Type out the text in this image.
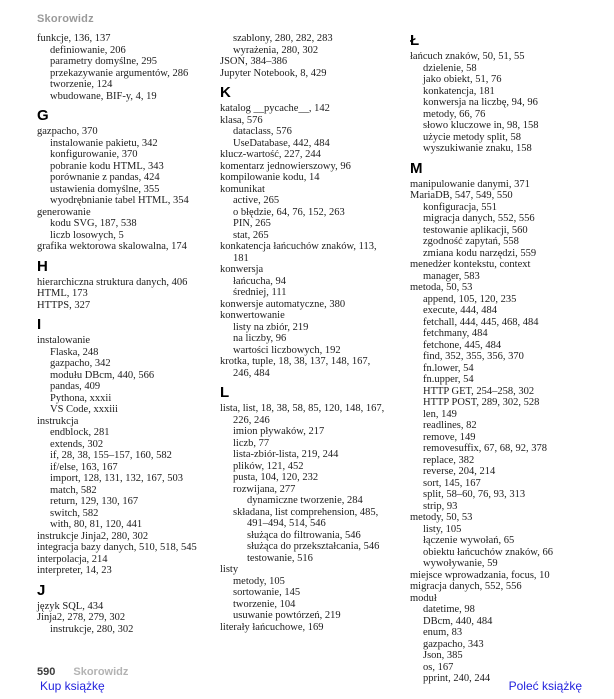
Skorowidz
funkcje, 136, 137
definiowanie, 206
parametry domyślne, 295
przekazywanie argumentów, 286
tworzenie, 124
wbudowane, BIF-y, 4, 19
G
gazpacho, 370
instalowanie pakietu, 342
konfigurowanie, 370
pobranie kodu HTML, 343
porównanie z pandas, 424
ustawienia domyślne, 355
wyodrębnianie tabel HTML, 354
generowanie
kodu SVG, 187, 538
liczb losowych, 5
grafika wektorowa skalowalna, 174
H
hierarchiczna struktura danych, 406
HTML, 173
HTTPS, 327
I
instalowanie
Flaska, 248
gazpacho, 342
modułu DBcm, 440, 566
pandas, 409
Pythona, xxxii
VS Code, xxxiii
instrukcja
endblock, 281
extends, 302
if, 28, 38, 155–157, 160, 582
if/else, 163, 167
import, 128, 131, 132, 167, 503
match, 582
return, 129, 130, 167
switch, 582
with, 80, 81, 120, 441
instrukcje Jinja2, 280, 302
integracja bazy danych, 510, 518, 545
interpolacja, 214
interpreter, 14, 23
J
język SQL, 434
Jinja2, 278, 279, 302
instrukcje, 280, 302
szablony, 280, 282, 283
wyrażenia, 280, 302
JSON, 384–386
Jupyter Notebook, 8, 429
K
katalog __pycache__, 142
klasa, 576
dataclass, 576
UseDatabase, 442, 484
klucz-wartość, 227, 244
komentarz jednowierszowy, 96
kompilowanie kodu, 14
komunikat
active, 265
o błędzie, 64, 76, 152, 263
PIN, 265
stat, 265
konkatencja łańcuchów znaków, 113,
181
konwersja
łańcucha, 94
średniej, 111
konwersje automatyczne, 380
konwertowanie
listy na zbiór, 219
na liczby, 96
wartości liczbowych, 192
krotka, tuple, 18, 38, 137, 148, 167,
246, 484
L
lista, list, 18, 38, 58, 85, 120, 148, 167,
226, 246
imion pływaków, 217
liczb, 77
lista-zbiór-lista, 219, 244
plików, 121, 452
pusta, 104, 120, 232
rozwijana, 277
dynamiczne tworzenie, 284
składana, list comprehension, 485,
491–494, 514, 546
służąca do filtrowania, 546
służąca do przekształcania, 546
testowanie, 516
listy
metody, 105
sortowanie, 145
tworzenie, 104
usuwanie powtórzeń, 219
literały łańcuchowe, 169
Ł
łańcuch znaków, 50, 51, 55
dzielenie, 58
jako obiekt, 51, 76
konkatencja, 181
konwersja na liczbę, 94, 96
metody, 66, 76
słowo kluczowe in, 98, 158
użycie metody split, 58
wyszukiwanie znaku, 158
M
manipulowanie danymi, 371
MariaDB, 547, 549, 550
konfiguracja, 551
migracja danych, 552, 556
testowanie aplikacji, 560
zgodność zapytań, 558
zmiana kodu narzędzi, 559
menedżer kontekstu, context
manager, 583
metoda, 50, 53
append, 105, 120, 235
execute, 444, 484
fetchall, 444, 445, 468, 484
fetchmany, 484
fetchone, 445, 484
find, 352, 355, 356, 370
fn.lower, 54
fn.upper, 54
HTTP GET, 254–258, 302
HTTP POST, 289, 302, 528
len, 149
readlines, 82
remove, 149
removesuffix, 67, 68, 92, 378
replace, 382
reverse, 204, 214
sort, 145, 167
split, 58–60, 76, 93, 313
strip, 93
metody, 50, 53
listy, 105
łączenie wywołań, 65
obiektu łańcuchów znaków, 66
wywoływanie, 59
miejsce wprowadzania, focus, 10
migracja danych, 552, 556
moduł
datetime, 98
DBcm, 440, 484
enum, 83
gazpacho, 343
Json, 385
os, 167
pprint, 240, 244
590 Skorowidz
Kup książkę	Poleć książkę
